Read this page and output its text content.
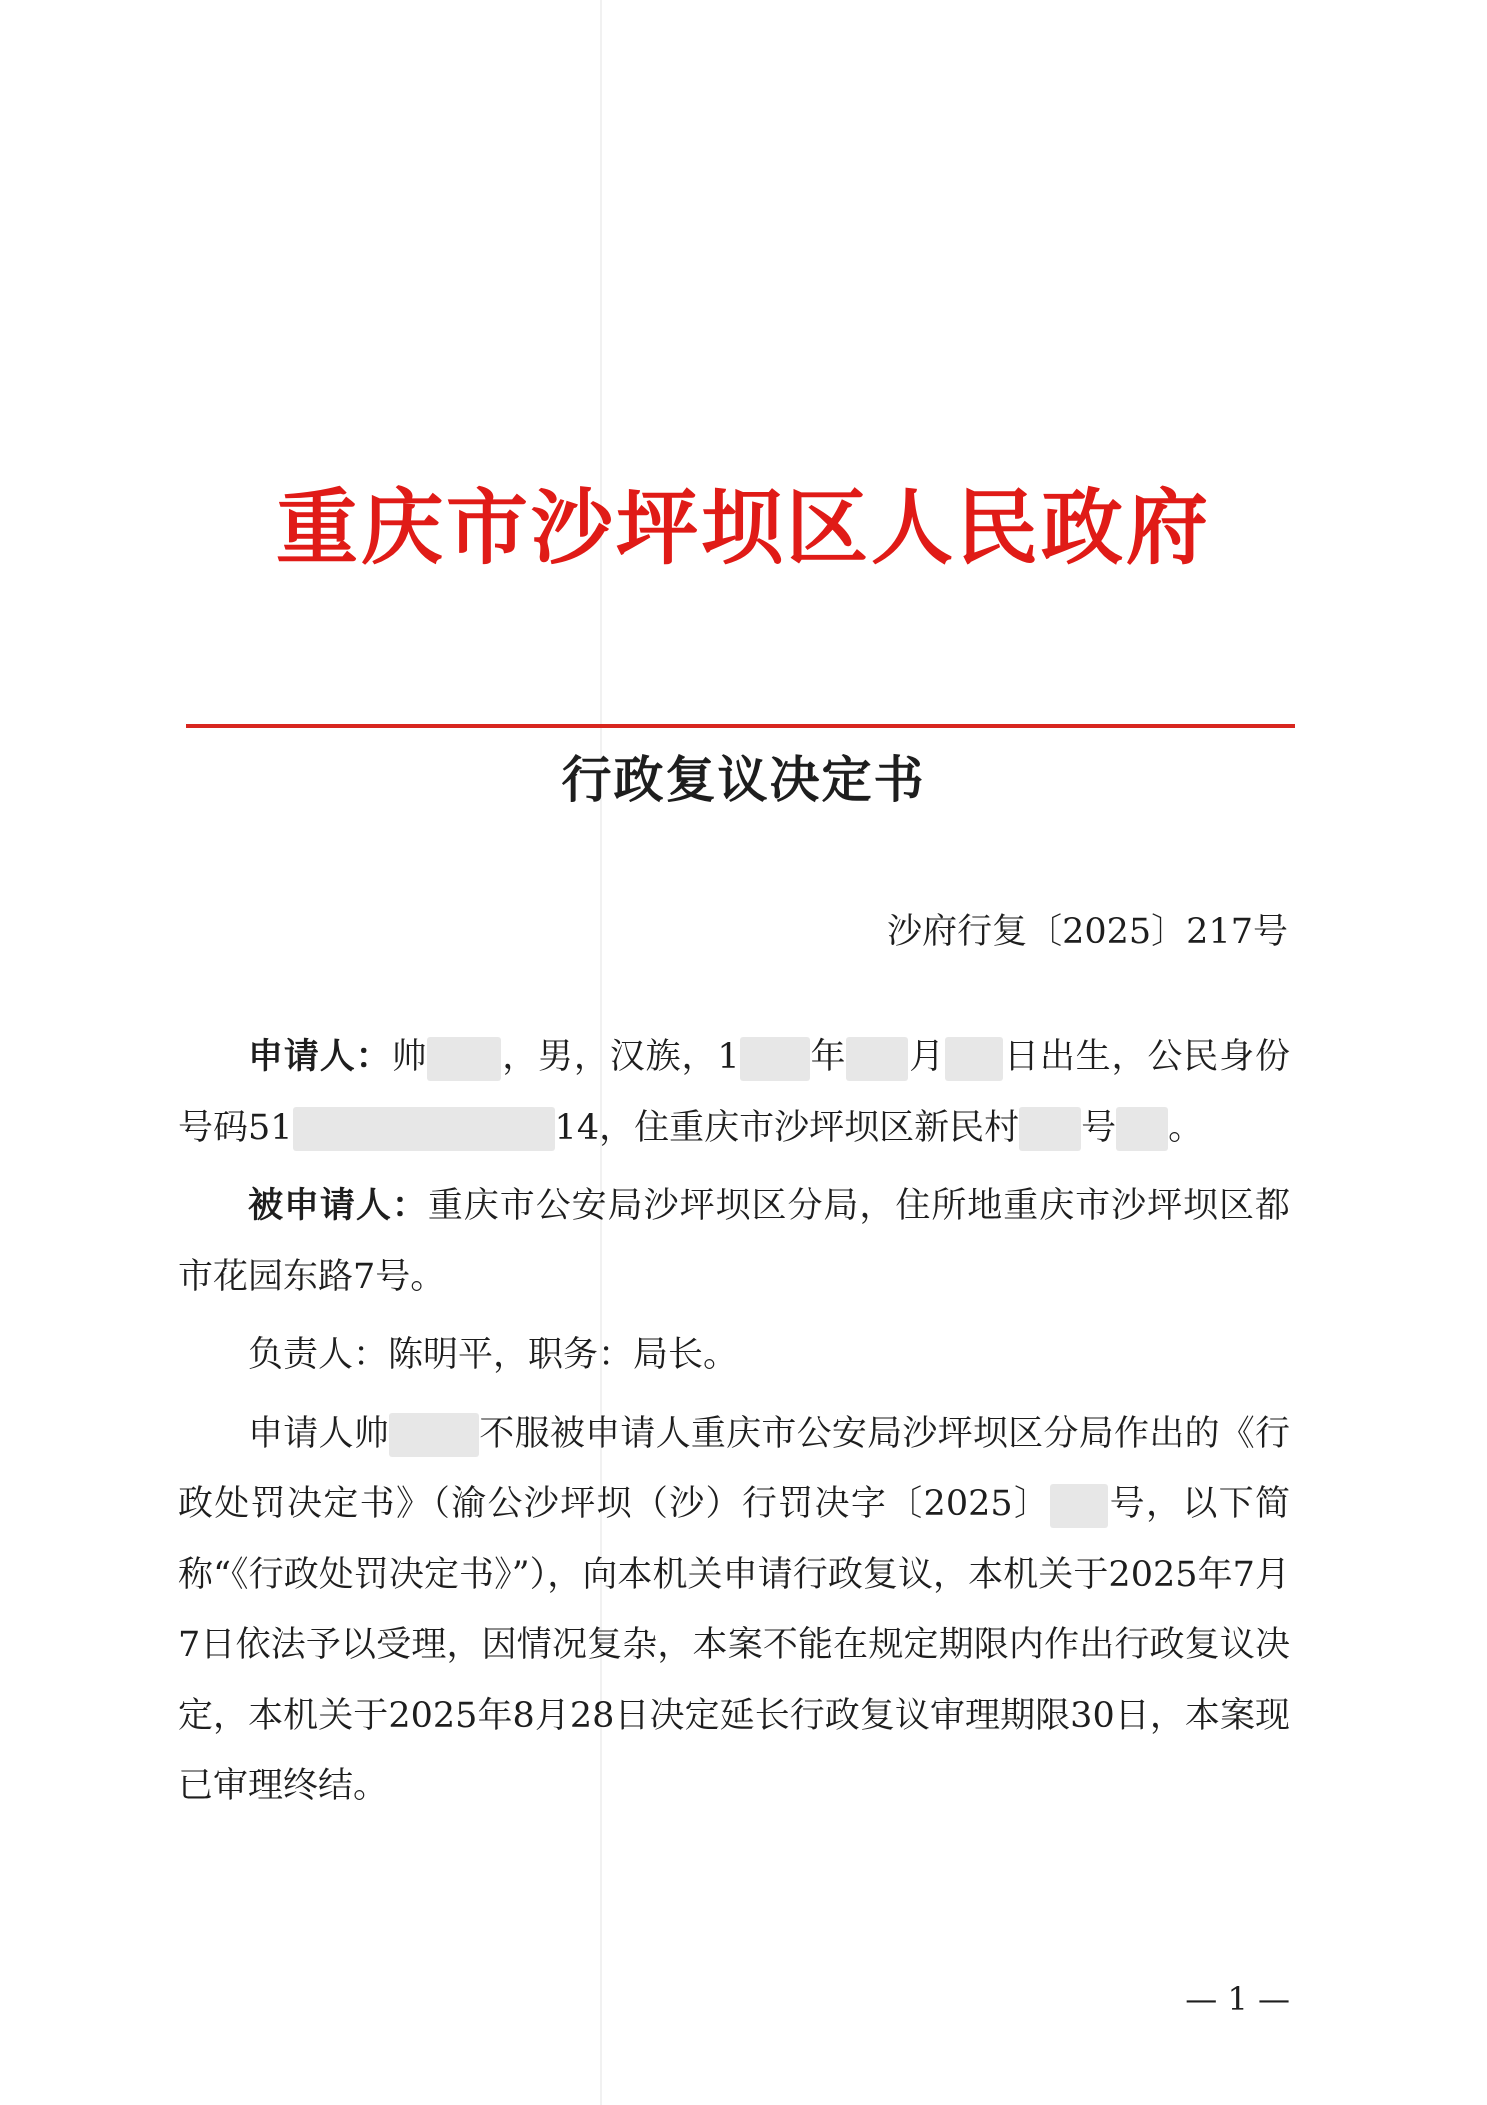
重庆市沙坪坝区人民政府
行政复议决定书
沙府行复〔2025〕217号

申请人：帅 ，男，汉族，1 年 月 日出生，公民身份号码51	14，住重庆市沙坪坝区新民村 号 。

被申请人：重庆市公安局沙坪坝区分局，住所地重庆市沙坪坝区都市花园东路7号。

负责人：陈明平，职务：局长。

申请人帅	不服被申请人重庆市公安局沙坪坝区分局作出的《行政处罚决定书》（渝公沙坪坝（沙）行罚决字〔2025〕 号，以下简称“《行政处罚决定书》”），向本机关申请行政复议，本机关于2025年7月7日依法予以受理，因情况复杂，本案不能在规定期限内作出行政复议决定，本机关于2025年8月28日决定延长行政复议审理期限30日，本案现已审理终结。

— 1 —
